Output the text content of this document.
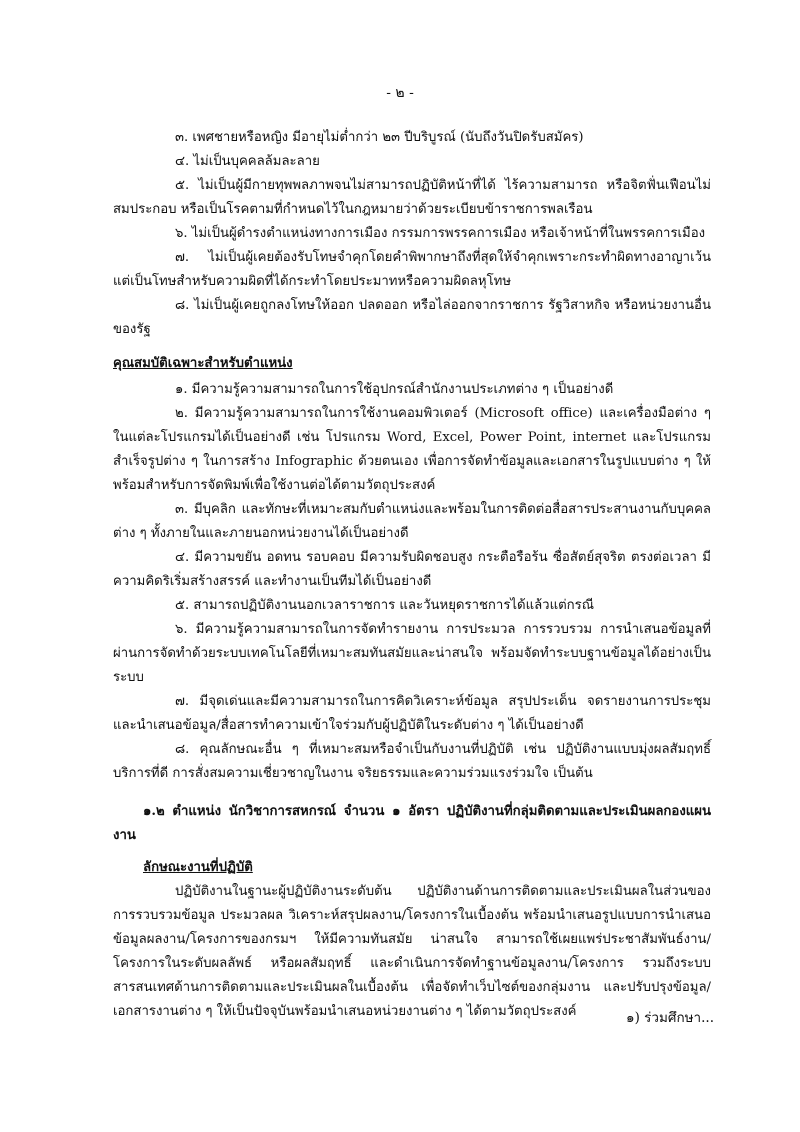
- ๒ -

๓. เพศชายหรือหญิง มีอายุไม่ต่ำกว่า ๒๓ ปีบริบูรณ์ (นับถึงวันปิดรับสมัคร)

๔. ไม่เป็นบุคคลล้มละลาย

๕. ไม่เป็นผู้มีกายทุพพลภาพจนไม่สามารถปฏิบัติหน้าที่ได้ ไร้ความสามารถ หรือจิตฟั่นเฟือนไม่สมประกอบ หรือเป็นโรคตามที่กำหนดไว้ในกฎหมายว่าด้วยระเบียบข้าราชการพลเรือน

๖. ไม่เป็นผู้ดำรงตำแหน่งทางการเมือง กรรมการพรรคการเมือง หรือเจ้าหน้าที่ในพรรคการเมือง

๗. ไม่เป็นผู้เคยต้องรับโทษจำคุกโดยคำพิพากษาถึงที่สุดให้จำคุกเพราะกระทำผิดทางอาญาเว้นแต่เป็นโทษสำหรับความผิดที่ได้กระทำโดยประมาทหรือความผิดลหุโทษ

๘. ไม่เป็นผู้เคยถูกลงโทษให้ออก ปลดออก หรือไล่ออกจากราชการ รัฐวิสาหกิจ หรือหน่วยงานอื่นของรัฐ

คุณสมบัติเฉพาะสำหรับตำแหน่ง

๑. มีความรู้ความสามารถในการใช้อุปกรณ์สำนักงานประเภทต่าง ๆ เป็นอย่างดี

๒. มีความรู้ความสามารถในการใช้งานคอมพิวเตอร์ (Microsoft office) และเครื่องมือต่าง ๆ ในแต่ละโปรแกรมได้เป็นอย่างดี เช่น โปรแกรม Word, Excel, Power Point, internet และโปรแกรมสำเร็จรูปต่าง ๆ ในการสร้าง Infographic ด้วยตนเอง เพื่อการจัดทำข้อมูลและเอกสารในรูปแบบต่าง ๆ ให้พร้อมสำหรับการจัดพิมพ์เพื่อใช้งานต่อได้ตามวัตถุประสงค์

๓. มีบุคลิก และทักษะที่เหมาะสมกับตำแหน่งและพร้อมในการติดต่อสื่อสารประสานงานกับบุคคลต่าง ๆ ทั้งภายในและภายนอกหน่วยงานได้เป็นอย่างดี

๔. มีความขยัน อดทน รอบคอบ มีความรับผิดชอบสูง กระตือรือร้น ซื่อสัตย์สุจริต ตรงต่อเวลา มีความคิดริเริ่มสร้างสรรค์ และทำงานเป็นทีมได้เป็นอย่างดี

๕. สามารถปฏิบัติงานนอกเวลาราชการ และวันหยุดราชการได้แล้วแต่กรณี

๖. มีความรู้ความสามารถในการจัดทำรายงาน การประมวล การรวบรวม การนำเสนอข้อมูลที่ผ่านการจัดทำด้วยระบบเทคโนโลยีที่เหมาะสมทันสมัยและน่าสนใจ พร้อมจัดทำระบบฐานข้อมูลได้อย่างเป็นระบบ

๗. มีจุดเด่นและมีความสามารถในการคิดวิเคราะห์ข้อมูล สรุปประเด็น จดรายงานการประชุม และนำเสนอข้อมูล/สื่อสารทำความเข้าใจร่วมกับผู้ปฏิบัติในระดับต่าง ๆ ได้เป็นอย่างดี

๘. คุณลักษณะอื่น ๆ ที่เหมาะสมหรือจำเป็นกับงานที่ปฏิบัติ เช่น ปฏิบัติงานแบบมุ่งผลสัมฤทธิ์ บริการที่ดี การสั่งสมความเชี่ยวชาญในงาน จริยธรรมและความร่วมแรงร่วมใจ เป็นต้น

๑.๒ ตำแหน่ง นักวิชาการสหกรณ์ จำนวน ๑ อัตรา ปฏิบัติงานที่กลุ่มติดตามและประเมินผลกองแผนงาน

ลักษณะงานที่ปฏิบัติ

ปฏิบัติงานในฐานะผู้ปฏิบัติงานระดับต้น ปฏิบัติงานด้านการติดตามและประเมินผลในส่วนของการรวบรวมข้อมูล ประมวลผล วิเคราะห์สรุปผลงาน/โครงการในเบื้องต้น พร้อมนำเสนอรูปแบบการนำเสนอข้อมูลผลงาน/โครงการของกรมฯ ให้มีความทันสมัย น่าสนใจ สามารถใช้เผยแพร่ประชาสัมพันธ์งาน/โครงการในระดับผลลัพธ์ หรือผลสัมฤทธิ์ และดำเนินการจัดทำฐานข้อมูลงาน/โครงการ รวมถึงระบบสารสนเทศด้านการติดตามและประเมินผลในเบื้องต้น เพื่อจัดทำเว็บไซต์ของกลุ่มงาน และปรับปรุงข้อมูล/เอกสารงานต่าง ๆ ให้เป็นปัจจุบันพร้อมนำเสนอหน่วยงานต่าง ๆ ได้ตามวัตถุประสงค์	๑) ร่วมศึกษา...
